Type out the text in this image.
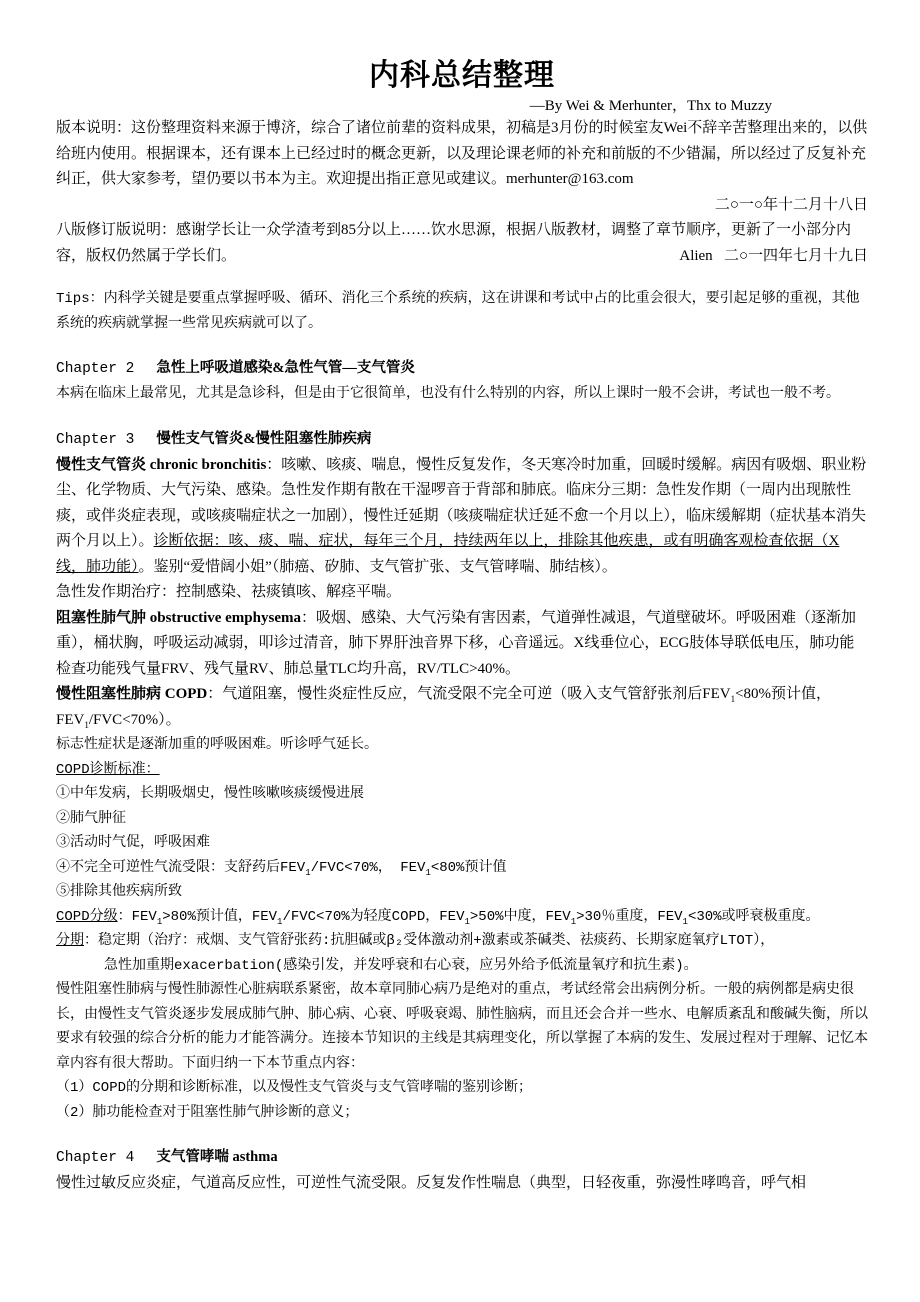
内科总结整理
—By Wei & Merhunter，Thx to Muzzy

版本说明：这份整理资料来源于博济，综合了诸位前辈的资料成果，初稿是3月份的时候室友Wei不辞辛苦整理出来的，以供给班内使用。根据课本，还有课本上已经过时的概念更新，以及理论课老师的补充和前版的不少错漏，所以经过了反复补充纠正，供大家参考，望仍要以书本为主。欢迎提出指正意见或建议。merhunter@163.com

二○一○年十二月十八日

八版修订版说明：感谢学长让一众学渣考到85分以上……饮水思源，根据八版教材，调整了章节顺序，更新了一小部分内容，版权仍然属于学长们。	Alien 二○一四年七月十九日

Tips：内科学关键是要重点掌握呼吸、循环、消化三个系统的疾病，这在讲课和考试中占的比重会很大，要引起足够的重视，其他系统的疾病就掌握一些常见疾病就可以了。

Chapter 2 急性上呼吸道感染&急性气管—支气管炎

本病在临床上最常见，尤其是急诊科，但是由于它很简单，也没有什么特别的内容，所以上课时一般不会讲，考试也一般不考。

Chapter 3 慢性支气管炎&慢性阻塞性肺疾病

慢性支气管炎 chronic bronchitis：咳嗽、咳痰、喘息，慢性反复发作，冬天寒冷时加重，回暖时缓解。病因有吸烟、职业粉尘、化学物质、大气污染、感染。急性发作期有散在干湿啰音于背部和肺底。临床分三期：急性发作期（一周内出现脓性痰，或伴炎症表现，或咳痰喘症状之一加剧），慢性迁延期（咳痰喘症状迁延不愈一个月以上），临床缓解期（症状基本消失两个月以上）。诊断依据：咳、痰、喘、症状，每年三个月，持续两年以上，排除其他疾患，或有明确客观检查依据（X线，肺功能）。鉴别“爱惜阔小姐”（肺癌、矽肺、支气管扩张、支气管哮喘、肺结核）。

急性发作期治疗：控制感染、祛痰镇咳、解痉平喘。

阻塞性肺气肿 obstructive emphysema：吸烟、感染、大气污染有害因素，气道弹性减退，气道壁破坏。呼吸困难（逐渐加重），桶状胸，呼吸运动减弱，叩诊过清音，肺下界肝浊音界下移，心音遥远。X线垂位心，ECG肢体导联低电压，肺功能检查功能残气量FRV、残气量RV、肺总量TLC均升高，RV/TLC>40%。

慢性阻塞性肺病 COPD：气道阻塞，慢性炎症性反应，气流受限不完全可逆（吸入支气管舒张剂后$FEV_1<80\%$预计值，$FEV_1/FVC<70\%$）。

标志性症状是逐渐加重的呼吸困难。听诊呼气延长。

COPD诊断标准：

①中年发病，长期吸烟史，慢性咳嗽咳痰缓慢进展

②肺气肿征

③活动时气促，呼吸困难

④不完全可逆性气流受限：支舒药后$FEV_1/FVC<70\%$， $FEV_1<80\%$预计值

⑤排除其他疾病所致

COPD分级：$FEV_1>80\%$预计值，$FEV_1/FVC<70\%$为轻度COPD，$FEV_1>50\%$中度，$FEV_1>30$％重度，$FEV_1<30\%$或呼衰极重度。

分期：稳定期（治疗：戒烟、支气管舒张药:抗胆碱或β₂受体激动剂+激素或茶碱类、祛痰药、长期家庭氧疗LTOT），

急性加重期exacerbation(感染引发，并发呼衰和右心衰，应另外给予低流量氧疗和抗生素)。

慢性阻塞性肺病与慢性肺源性心脏病联系紧密，故本章同肺心病乃是绝对的重点，考试经常会出病例分析。一般的病例都是病史很长，由慢性支气管炎逐步发展成肺气肿、肺心病、心衰、呼吸衰竭、肺性脑病，而且还会合并一些水、电解质紊乱和酸碱失衡，所以要求有较强的综合分析的能力才能答满分。连接本节知识的主线是其病理变化，所以掌握了本病的发生、发展过程对于理解、记忆本章内容有很大帮助。下面归纳一下本节重点内容：

（1）COPD的分期和诊断标准，以及慢性支气管炎与支气管哮喘的鉴别诊断；

（2）肺功能检查对于阻塞性肺气肿诊断的意义；

Chapter 4 支气管哮喘 asthma

慢性过敏反应炎症，气道高反应性，可逆性气流受限。反复发作性喘息（典型，日轻夜重，弥漫性哮鸣音，呼气相
